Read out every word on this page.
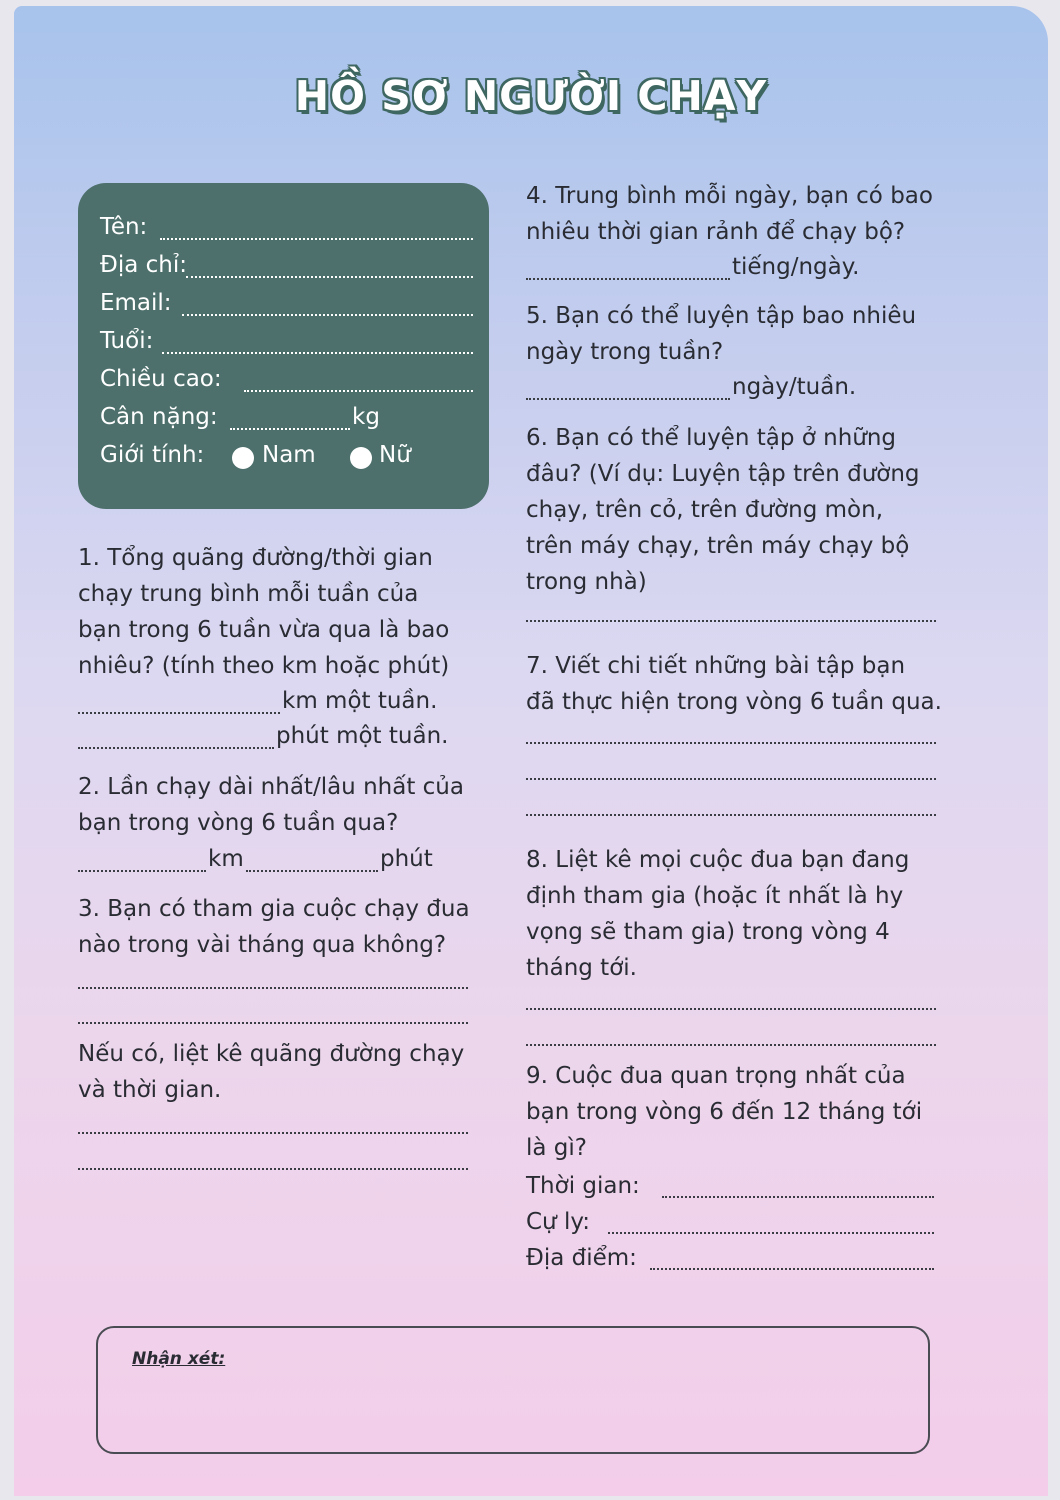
HỒ SƠ NGƯỜI CHẠY
Tên:
Địa chỉ:
Email:
Tuổi:
Chiều cao:
Cân nặng:	kg
Giới tính:	Nam	Nữ
1. Tổng quãng đường/thời gian
chạy trung bình mỗi tuần của
bạn trong 6 tuần vừa qua là bao
nhiêu? (tính theo km hoặc phút)
km một tuần.
phút một tuần.
2. Lần chạy dài nhất/lâu nhất của
bạn trong vòng 6 tuần qua?
km	phút
3. Bạn có tham gia cuộc chạy đua
nào trong vài tháng qua không?
Nếu có, liệt kê quãng đường chạy
và thời gian.
4. Trung bình mỗi ngày, bạn có bao
nhiêu thời gian rảnh để chạy bộ?
tiếng/ngày.
5. Bạn có thể luyện tập bao nhiêu
ngày trong tuần?
ngày/tuần.
6. Bạn có thể luyện tập ở những
đâu? (Ví dụ: Luyện tập trên đường
chạy, trên cỏ, trên đường mòn,
trên máy chạy, trên máy chạy bộ
trong nhà)
7. Viết chi tiết những bài tập bạn
đã thực hiện trong vòng 6 tuần qua.
8. Liệt kê mọi cuộc đua bạn đang
định tham gia (hoặc ít nhất là hy
vọng sẽ tham gia) trong vòng 4
tháng tới.
9. Cuộc đua quan trọng nhất của
bạn trong vòng 6 đến 12 tháng tới
là gì?
Thời gian:
Cự ly:
Địa điểm:
Nhận xét:
